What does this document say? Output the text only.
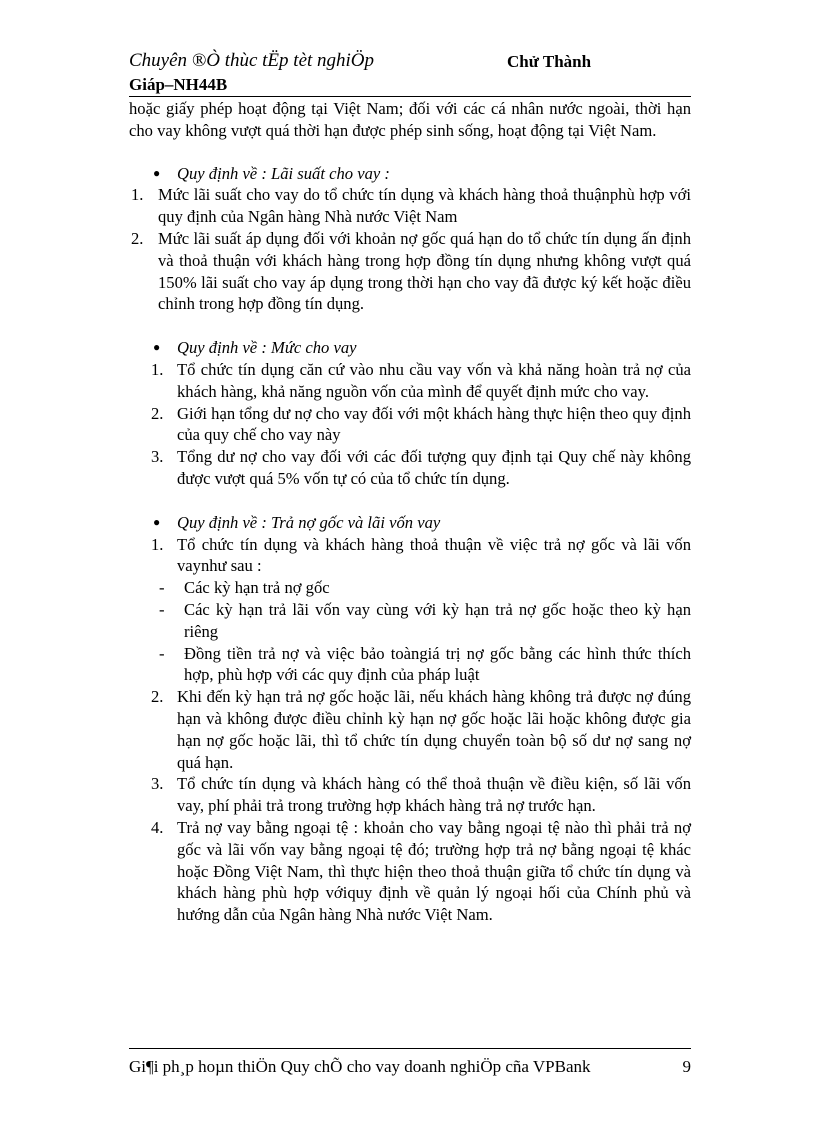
Chuyên ®Ò thùc tËp tèt nghiÖp	Chử Thành
Giáp–NH44B

hoặc giấy phép hoạt động tại Việt Nam; đối với các cá nhân nước ngoài, thời hạn cho vay không vượt quá thời hạn được phép sinh sống, hoạt động tại Việt Nam.

● Quy định về : Lãi suất cho vay :

1. Mức lãi suất cho vay do tổ chức tín dụng và khách hàng thoả thuậnphù hợp với quy định của Ngân hàng Nhà nước Việt Nam
2. Mức lãi suất áp dụng đối với khoản nợ gốc quá hạn do tổ chức tín dụng ấn định và thoả thuận với khách hàng trong hợp đồng tín dụng nhưng không vượt quá 150% lãi suất cho vay áp dụng trong thời hạn cho vay đã được ký kết hoặc điều chỉnh trong hợp đồng tín dụng.

● Quy định về : Mức cho vay

1. Tổ chức tín dụng căn cứ vào nhu cầu vay vốn và khả năng hoàn trả nợ của khách hàng, khả năng nguồn vốn của mình để quyết định mức cho vay.
2. Giới hạn tổng dư nợ cho vay đối với một khách hàng thực hiện theo quy định của quy chế cho vay này
3. Tổng dư nợ cho vay đối với các đối tượng quy định tại Quy chế này không được vượt quá 5% vốn tự có của tổ chức tín dụng.

● Quy định về : Trả nợ gốc và lãi vốn vay

1. Tổ chức tín dụng và khách hàng thoả thuận về việc trả nợ gốc và lãi vốn vaynhư sau :
- Các kỳ hạn trả nợ gốc
- Các kỳ hạn trả lãi vốn vay cùng với kỳ hạn trả nợ gốc hoặc theo kỳ hạn riêng
- Đồng tiền trả nợ và việc bảo toàngiá trị nợ gốc bằng các hình thức thích hợp, phù hợp với các quy định của pháp luật
2. Khi đến kỳ hạn trả nợ gốc hoặc lãi, nếu khách hàng không trả được nợ đúng hạn và không được điều chỉnh kỳ hạn nợ gốc hoặc lãi hoặc không được gia hạn nợ gốc hoặc lãi, thì tổ chức tín dụng chuyển toàn bộ số dư nợ sang nợ quá hạn.
3. Tổ chức tín dụng và khách hàng có thể thoả thuận về điều kiện, số lãi vốn vay, phí phải trả trong trường hợp khách hàng trả nợ trước hạn.
4. Trả nợ vay bằng ngoại tệ : khoản cho vay bằng ngoại tệ nào thì phải trả nợ gốc và lãi vốn vay bằng ngoại tệ đó; trường hợp trả nợ bằng ngoại tệ khác hoặc Đồng Việt Nam, thì thực hiện theo thoả thuận giữa tổ chức tín dụng và khách hàng phù hợp vớiquy định về quản lý ngoại hối của Chính phủ và hướng dẫn của Ngân hàng Nhà nước Việt Nam.
Gi¶i ph¸p hoµn thiÖn Quy chÕ cho vay doanh nghiÖp cña VPBank	9
